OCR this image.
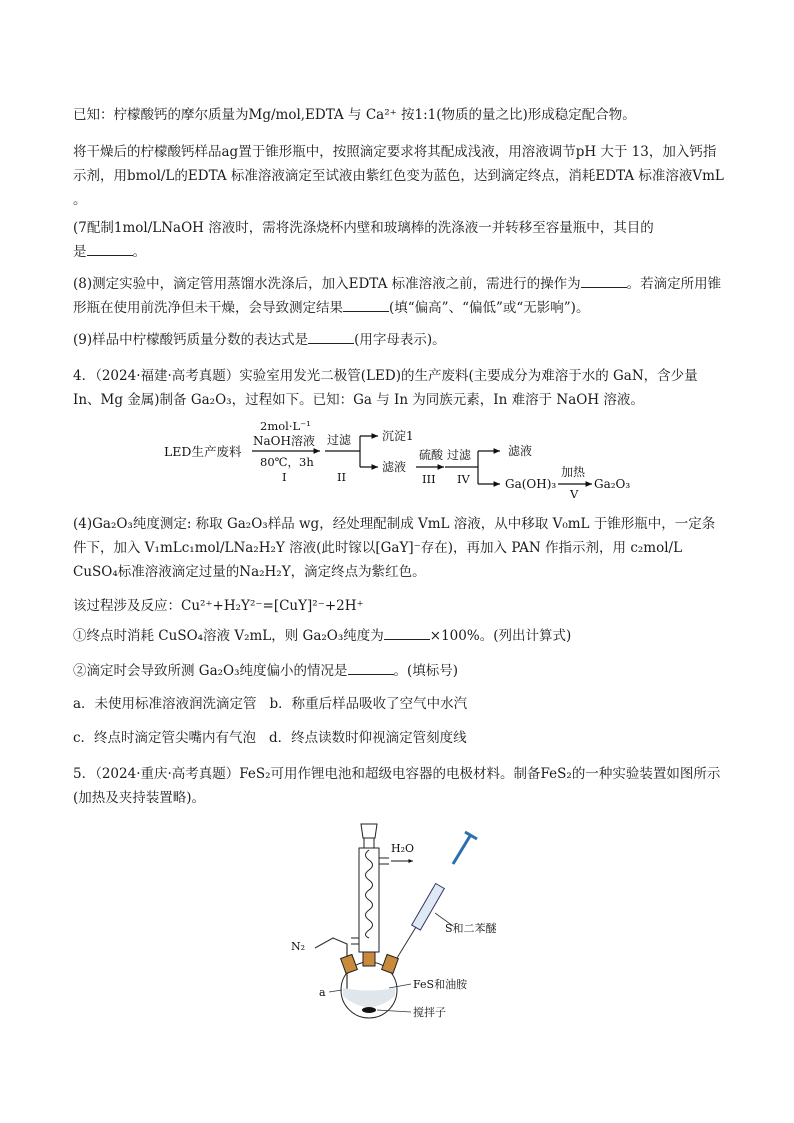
已知：柠檬酸钙的摩尔质量为Mg/mol,EDTA 与 Ca²⁺ 按1:1(物质的量之比)形成稳定配合物。

将干燥后的柠檬酸钙样品ag置于锥形瓶中，按照滴定要求将其配成浅液，用溶液调节pH 大于 13，加入钙指示剂，用bmol/L的EDTA 标准溶液滴定至试液由紫红色变为蓝色，达到滴定终点，消耗EDTA 标准溶液VmL 。

(7配制1mol/LNaOH 溶液时，需将洗涤烧杯内壁和玻璃棒的洗涤液一并转移至容量瓶中，其目的
是	。

(8)测定实验中，滴定管用蒸馏水洗涤后，加入EDTA 标准溶液之前，需进行的操作为	。若滴定所用锥形瓶在使用前洗净但未干燥，会导致测定结果	(填“偏高”、“偏低”或“无影响”)。

(9)样品中柠檬酸钙质量分数的表达式是	(用字母表示)。

4．（2024·福建·高考真题）实验室用发光二极管(LED)的生产废料(主要成分为难溶于水的 GaN，含少量 In、Mg 金属)制备 Ga₂O₃，过程如下。已知：Ga 与 In 为同族元素，In 难溶于 NaOH 溶液。

LED生产废料
2mol·L⁻¹
NaOH溶液
80℃，3h
I
过滤
II
沉淀1
滤液
硫酸
III
过滤
IV
滤液
Ga(OH)₃
加热
V
Ga₂O₃

(4)Ga₂O₃纯度测定: 称取 Ga₂O₃样品 wg，经处理配制成 VmL 溶液，从中移取 V₀mL 于锥形瓶中，一定条件下，加入 V₁mLc₁mol/LNa₂H₂Y 溶液(此时镓以[GaY]⁻存在)，再加入 PAN 作指示剂，用 c₂mol/L CuSO₄标准溶液滴定过量的Na₂H₂Y，滴定终点为紫红色。

该过程涉及反应：Cu²⁺+H₂Y²⁻=[CuY]²⁻+2H⁺

①终点时消耗 CuSO₄溶液 V₂mL，则 Ga₂O₃纯度为	×100%。(列出计算式)

②滴定时会导致所测 Ga₂O₃纯度偏小的情况是	。(填标号)

a．未使用标准溶液润洗滴定管 b．称重后样品吸收了空气中水汽

c．终点时滴定管尖嘴内有气泡 d．终点读数时仰视滴定管刻度线

5．（2024·重庆·高考真题）FeS₂可用作锂电池和超级电容器的电极材料。制备FeS₂的一种实验装置如图所示(加热及夹持装置略)。

H₂O
S和二苯醚
N₂
a
FeS和油胺
搅拌子
